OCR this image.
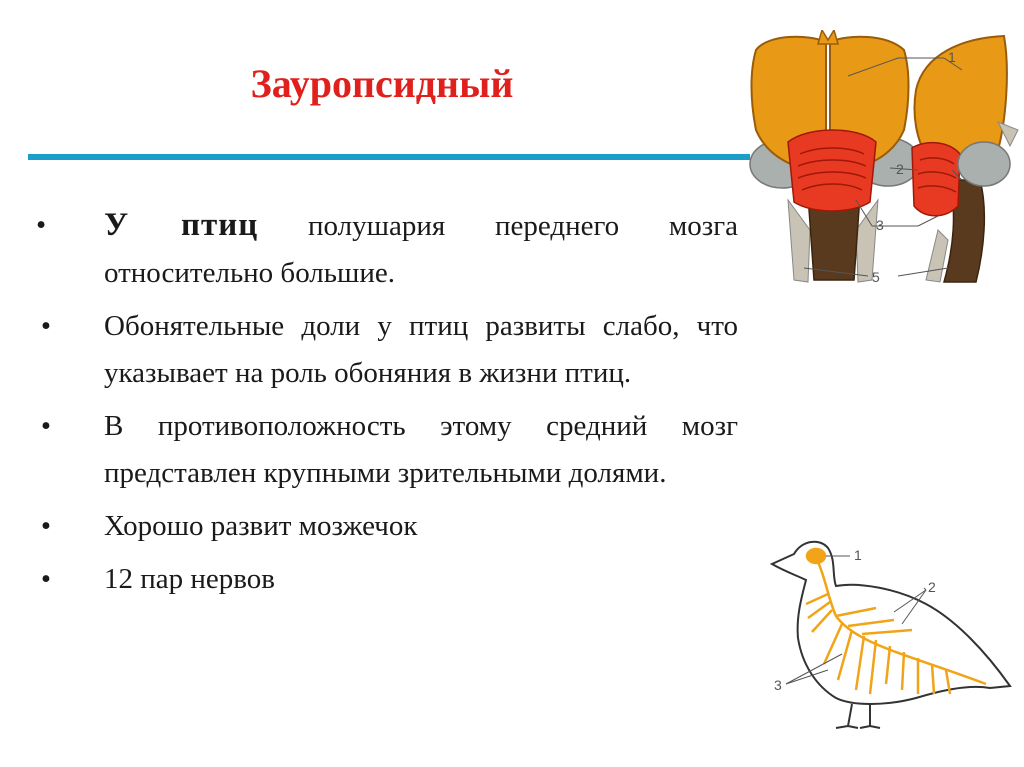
Зауропсидный
• У птиц полушария переднего мозга относительно большие.
• Обонятельные доли у птиц развиты слабо, что указывает на роль обоняния в жизни птиц.
• В противоположность этому средний мозг представлен крупными зрительными долями.
• Хорошо развит мозжечок
• 12 пар нервов
1
2
3
5
1
2
3
